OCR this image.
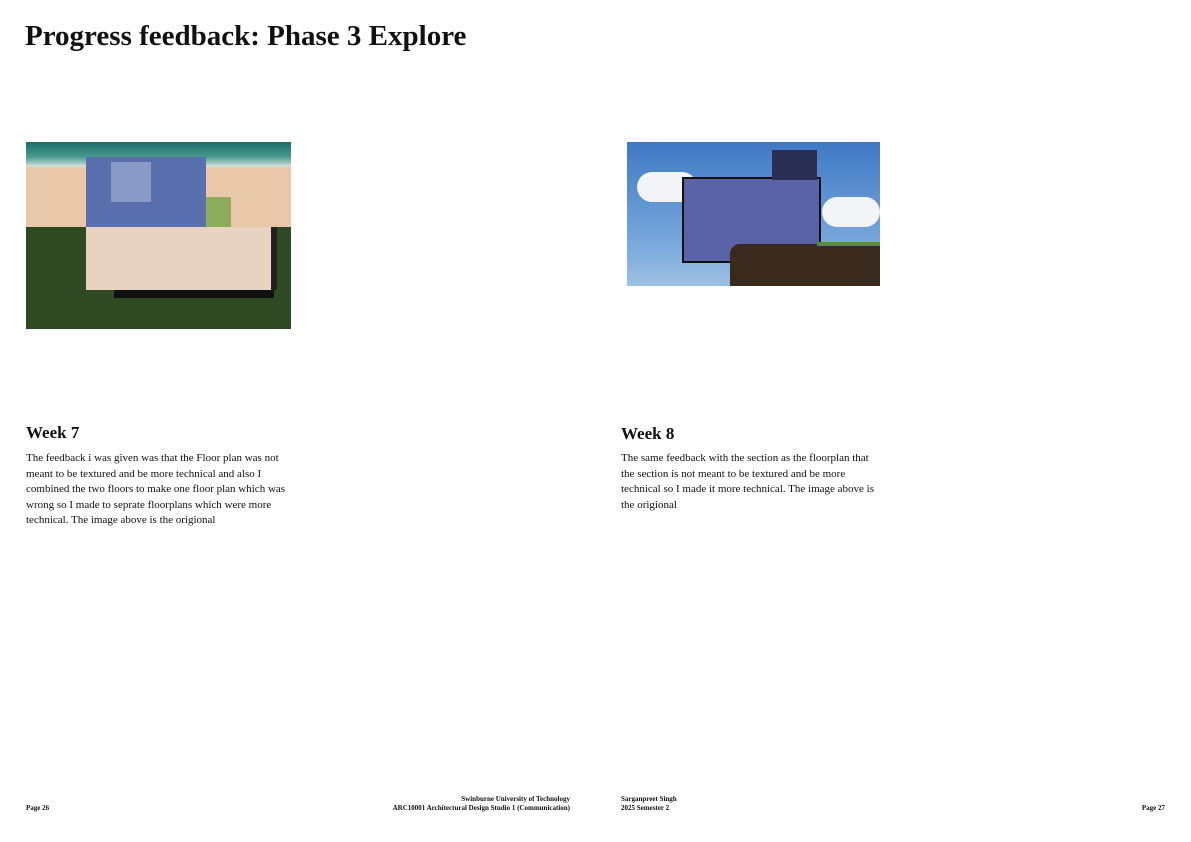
Progress feedback: Phase 3 Explore
Week 7

The feedback i was given was that the Floor plan was not meant to be textured and be more technical and also I combined the two floors to make one floor plan which was wrong so I made to seprate floorplans which were more technical. The image above is the origional

Week 8

The same feedback with the section as the floorplan that the section is not meant to be textured and be more technical so I made it more technical. The image above is the origional

Page 26
Swinburne University of Technology
ARC10001 Architectural Design Studio 1 (Communication)
Sarganpreet Singh
2025 Semester 2	Page 27
